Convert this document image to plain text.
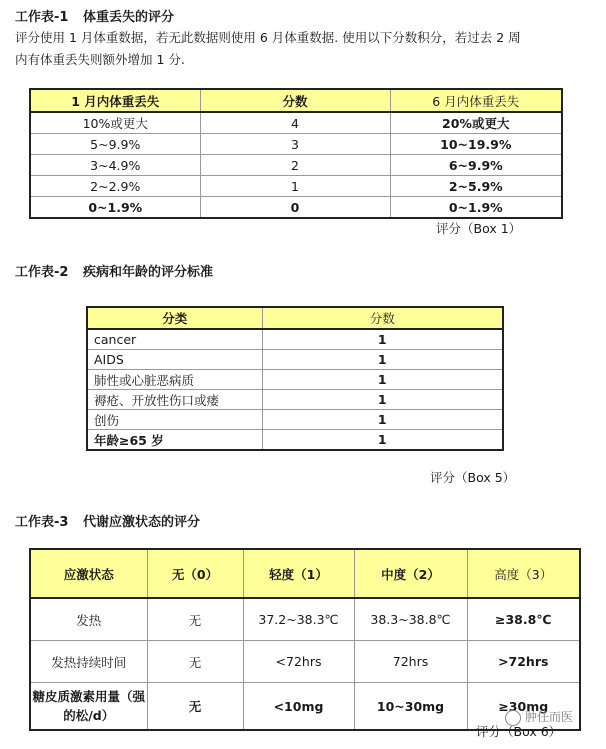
工作表-1 体重丢失的评分
评分使用 1 月体重数据，若无此数据则使用 6 月体重数据. 使用以下分数积分，若过去 2 周
内有体重丢失则额外增加 1 分.
1 月内体重丢失	分数	6 月内体重丢失
10%或更大	4	20%或更大
5~9.9%	3	10~19.9%
3~4.9%	2	6~9.9%
2~2.9%	1	2~5.9%
0~1.9%	0	0~1.9%
评分（Box 1）
工作表-2 疾病和年龄的评分标准
分类	分数
cancer	1
AIDS	1
肺性或心脏恶病质	1
褥疮、开放性伤口或瘘	1
创伤	1
年龄≥65 岁	1
评分（Box 5）
工作表-3 代谢应激状态的评分
应激状态	无（0）	轻度（1）	中度（2）	高度（3）
发热	无	37.2~38.3℃	38.3~38.8℃	≥38.8℃
发热持续时间	无	<72hrs	72hrs	>72hrs
糖皮质激素用量（强的松/d）	无	<10mg	10~30mg	≥30mg
评分（Box 6）
肿任而医
